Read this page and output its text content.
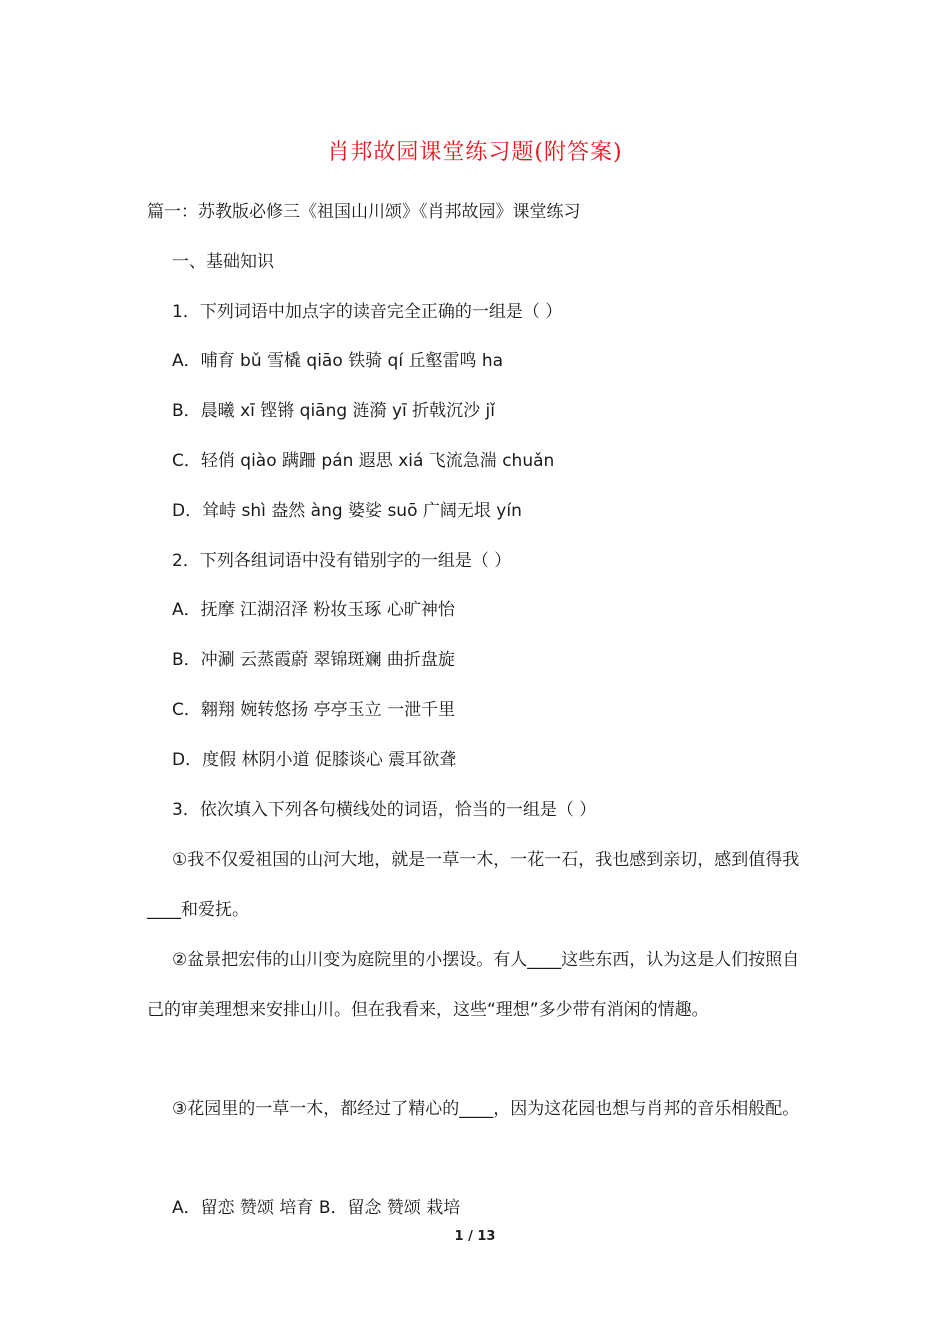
肖邦故园课堂练习题(附答案)
篇一：苏教版必修三《祖国山川颂》《肖邦故园》课堂练习
一、基础知识
1．下列词语中加点字的读音完全正确的一组是（ ）
A．哺育 bǔ 雪橇 qiāo 铁骑 qí 丘壑雷鸣 ha
B．晨曦 xī 铿锵 qiāng 涟漪 yī 折戟沉沙 jǐ
C．轻俏 qiào 蹒跚 pán 遐思 xiá 飞流急湍 chuǎn
D．耸峙 shì 盎然 àng 婆娑 suō 广阔无垠 yín
2．下列各组词语中没有错别字的一组是（ ）
A．抚摩 江湖沼泽 粉妆玉琢 心旷神怡
B．冲涮 云蒸霞蔚 翠锦斑斓 曲折盘旋
C．翱翔 婉转悠扬 亭亭玉立 一泄千里
D．度假 林阴小道 促膝谈心 震耳欲聋
3．依次填入下列各句横线处的词语，恰当的一组是（ ）
①我不仅爱祖国的山河大地，就是一草一木，一花一石，我也感到亲切，感到值得我____和爱抚。
②盆景把宏伟的山川变为庭院里的小摆设。有人____这些东西，认为这是人们按照自己的审美理想来安排山川。但在我看来，这些“理想”多少带有消闲的情趣。
③花园里的一草一木，都经过了精心的____，因为这花园也想与肖邦的音乐相般配。
A．留恋 赞颂 培育 B．留念 赞颂 栽培
1 / 13
